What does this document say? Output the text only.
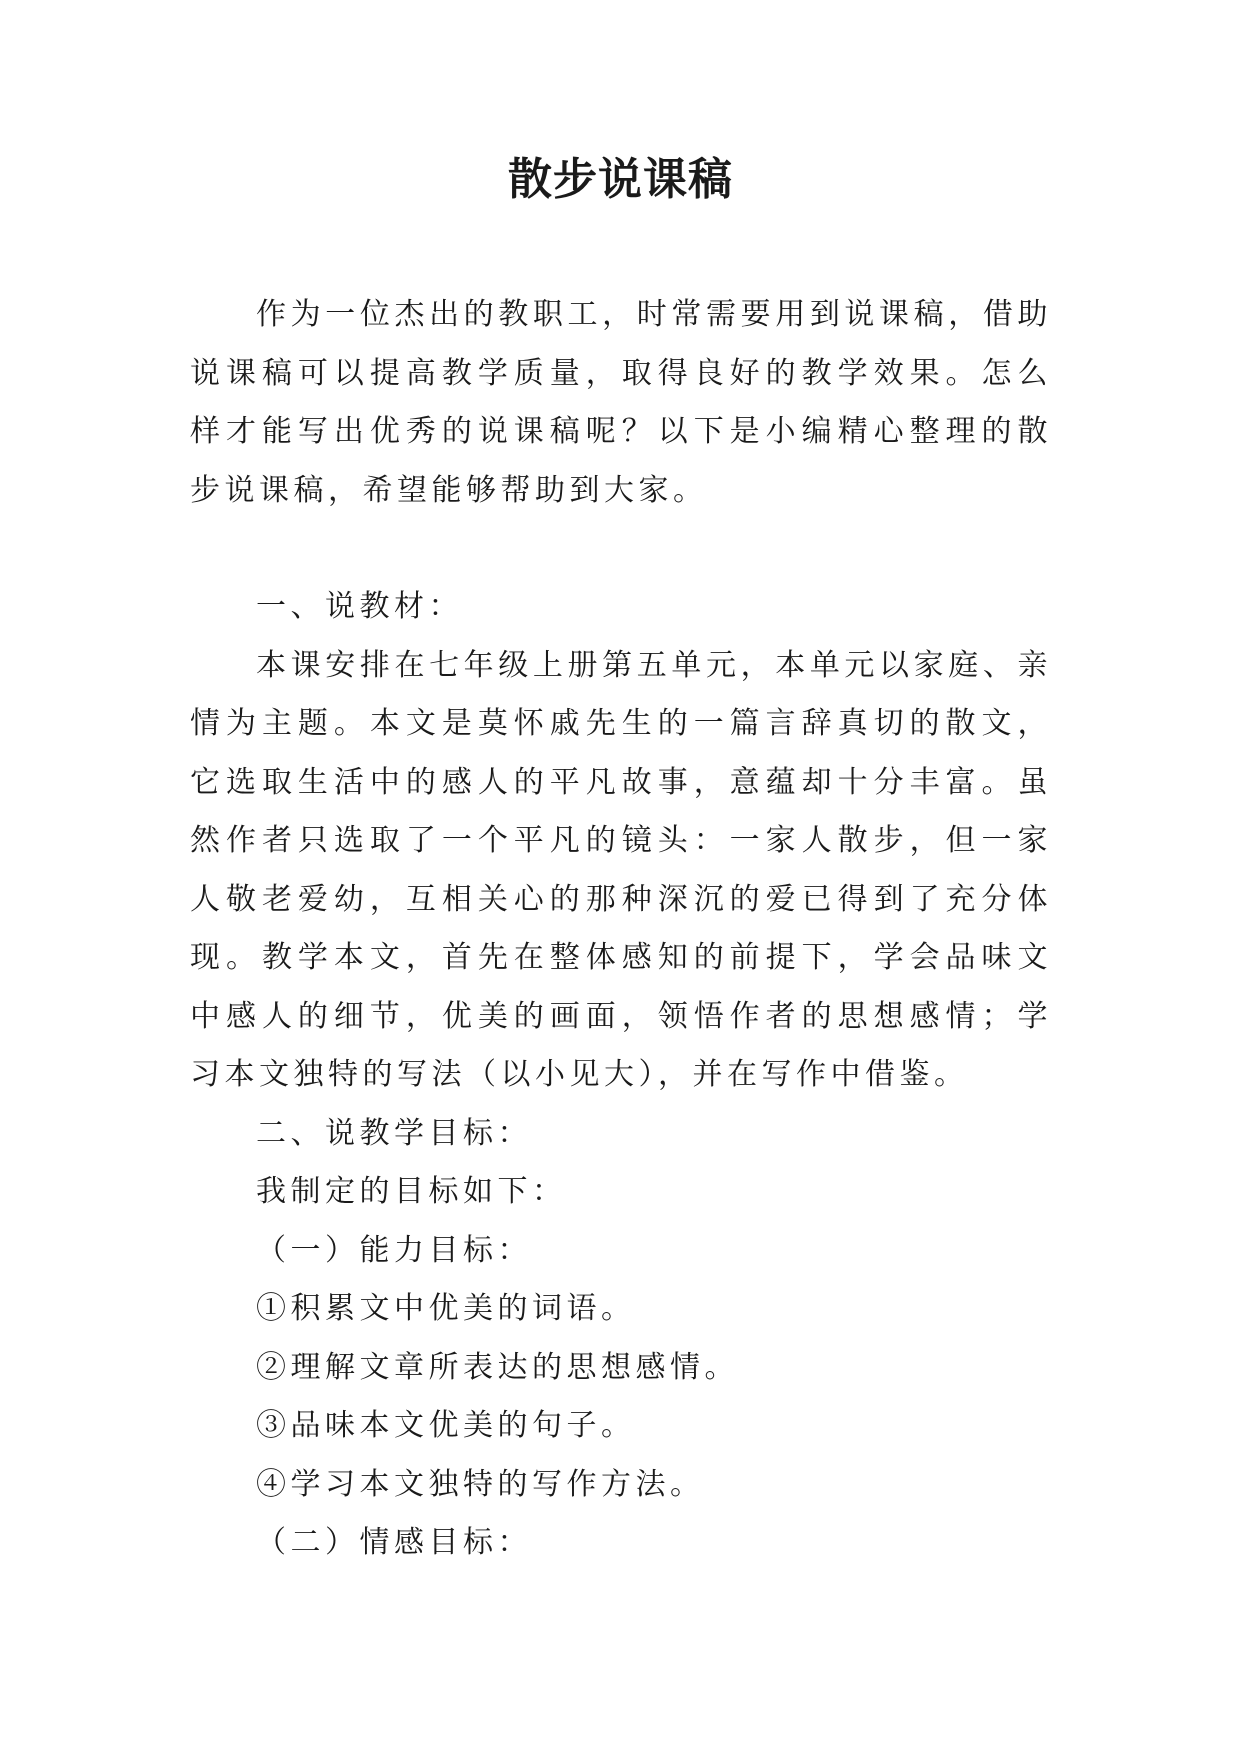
散步说课稿

作为一位杰出的教职工，时常需要用到说课稿，借助说课稿可以提高教学质量，取得良好的教学效果。怎么样才能写出优秀的说课稿呢？以下是小编精心整理的散步说课稿，希望能够帮助到大家。

一、说教材：

本课安排在七年级上册第五单元，本单元以家庭、亲情为主题。本文是莫怀戚先生的一篇言辞真切的散文，它选取生活中的感人的平凡故事，意蕴却十分丰富。虽然作者只选取了一个平凡的镜头：一家人散步，但一家人敬老爱幼，互相关心的那种深沉的爱已得到了充分体现。教学本文，首先在整体感知的前提下，学会品味文中感人的细节，优美的画面，领悟作者的思想感情；学习本文独特的写法（以小见大），并在写作中借鉴。

二、说教学目标：

我制定的目标如下：

（一）能力目标：

①积累文中优美的词语。

②理解文章所表达的思想感情。

③品味本文优美的句子。

④学习本文独特的写作方法。

（二）情感目标：
